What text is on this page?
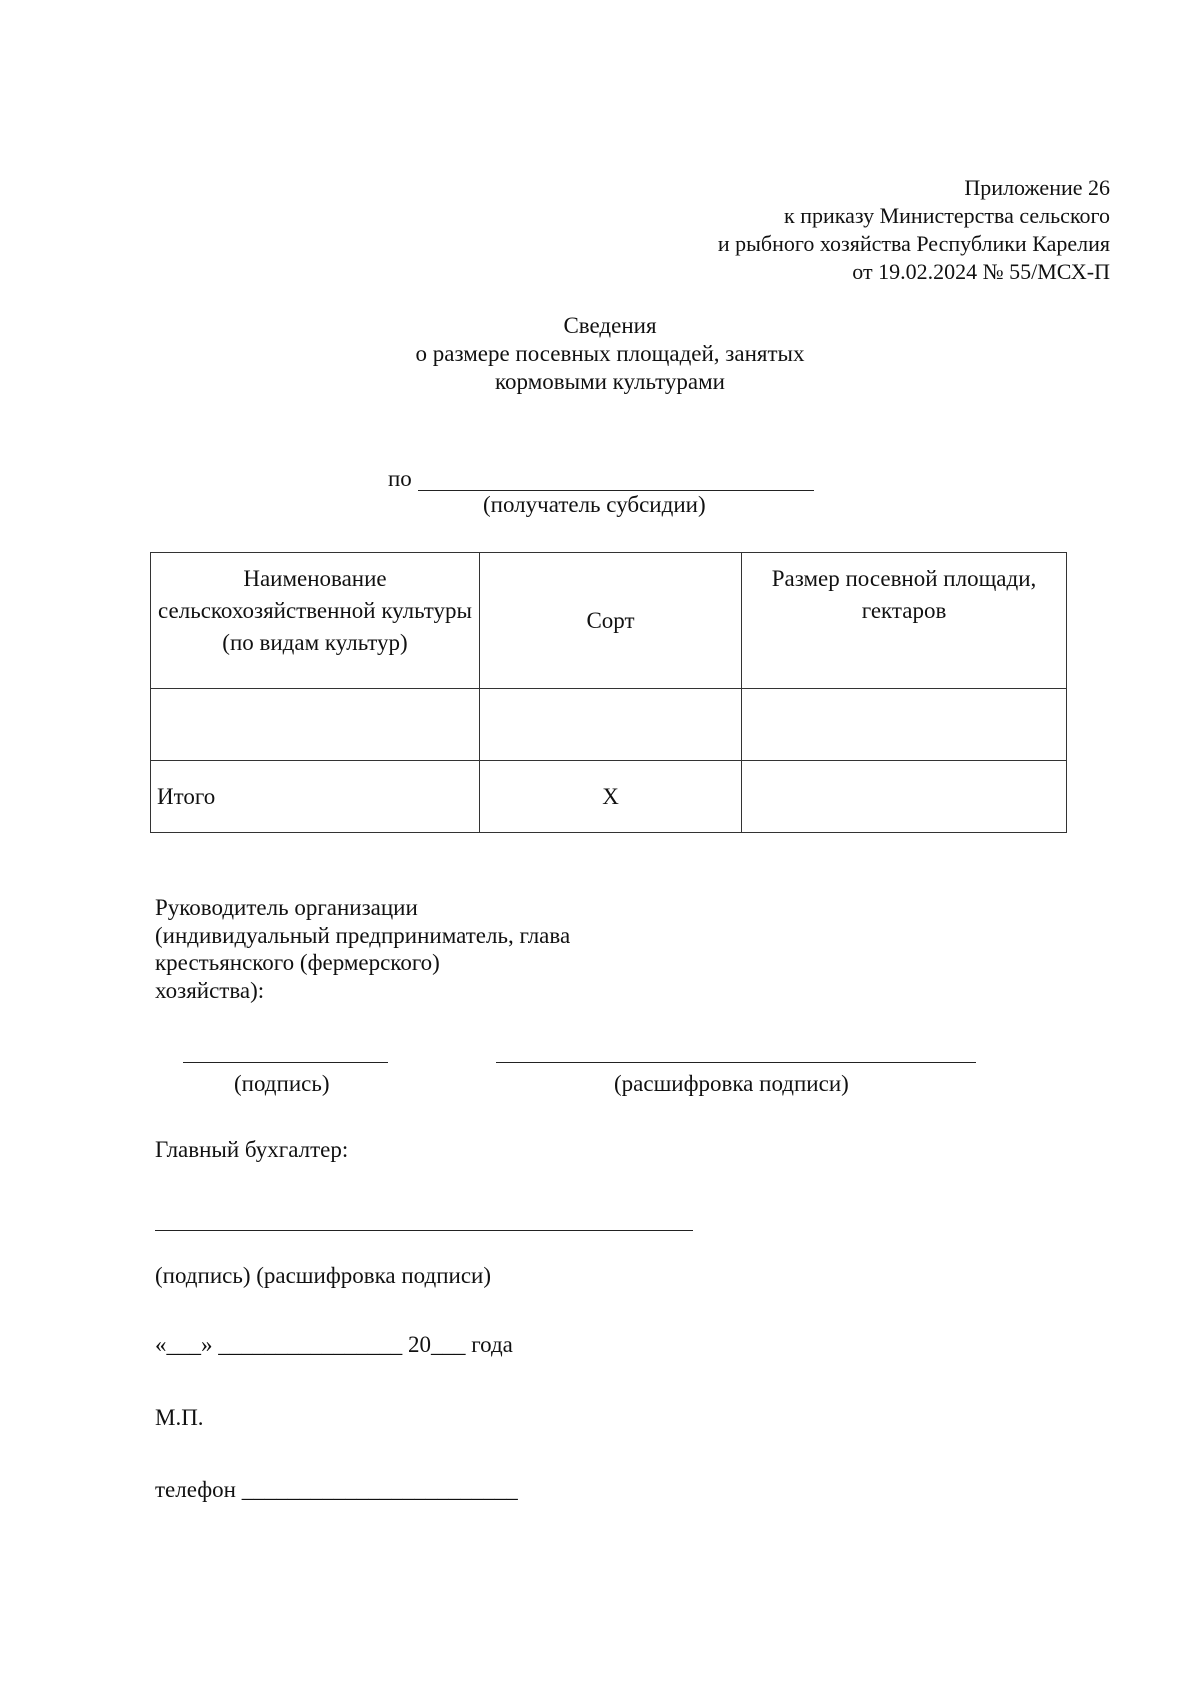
Приложение 26
к приказу Министерства сельского
и рыбного хозяйства Республики Карелия
от 19.02.2024 № 55/МСХ-П
Сведения
о размере посевных площадей, занятых
кормовыми культурами
по
(получатель субсидии)
Наименование сельскохозяйственной культуры (по видам культур)	Сорт	Размер посевной площади, гектаров

Итого	X	
Руководитель организации
(индивидуальный предприниматель, глава
крестьянского (фермерского)
хозяйства):
(подпись)	(расшифровка подписи)
Главный бухгалтер:
(подпись) (расшифровка подписи)
«___» ________________ 20___ года
М.П.
телефон ________________________
